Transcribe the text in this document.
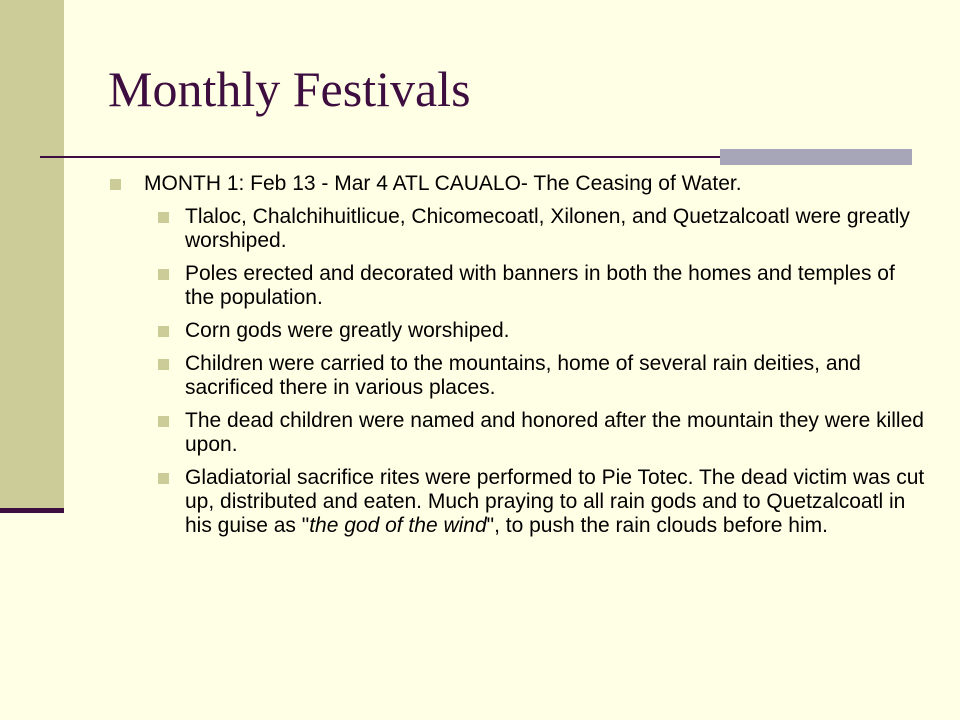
Monthly Festivals
MONTH 1: Feb 13 - Mar 4 ATL CAUALO- The Ceasing of Water.
Tlaloc, Chalchihuitlicue, Chicomecoatl, Xilonen, and Quetzalcoatl were greatly worshiped.
Poles erected and decorated with banners in both the homes and temples of the population.
Corn gods were greatly worshiped.
Children were carried to the mountains, home of several rain deities, and sacrificed there in various places.
The dead children were named and honored after the mountain they were killed upon.
Gladiatorial sacrifice rites were performed to Pie Totec. The dead victim was cut up, distributed and eaten. Much praying to all rain gods and to Quetzalcoatl in his guise as "the god of the wind", to push the rain clouds before him.
